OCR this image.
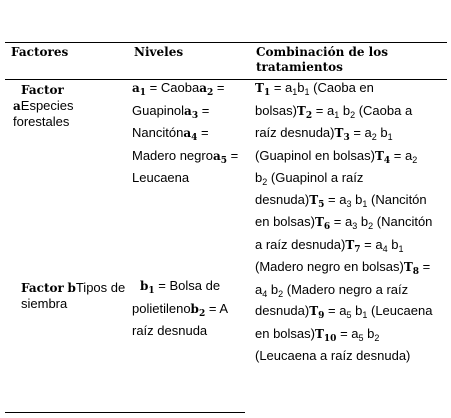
Factores	Niveles	Combinación de los tratamientos
Factor
aEspecies forestales
Factor bTipos de siembra
$a_1$ = Caobaa$_2$ = Guapinola$_3$ = Nancitóna$_4$ = Madero negroa$_5$ = Leucaena
$b_1$ = Bolsa de polietilenob$_2$ = A raíz desnuda
$T_1 = a_1b_1$ (Caoba en $bolsas)T_2 = a_1$ $b_2$ (Caoba a raíz $desnuda)T_3 = a_2$ $b_1$ (Guapinol en $bolsas)T_4 = a_2$ $b_2$ (Guapinol a raíz $desnuda)T_5 = a_3$ $b_1$ (Nancitón en $bolsas)T_6 = a_3$ $b_2$ (Nancitón a raíz $desnuda)T_7 = a_4$ $b_1$ (Madero negro en $bolsas)T_8 = a_4$ $b_2$ (Madero negro a raíz $desnuda)T_9 = a_5$ $b_1$ (Leucaena en $bolsas)T_{10} = a_5$ $b_2$ (Leucaena a raíz desnuda)
